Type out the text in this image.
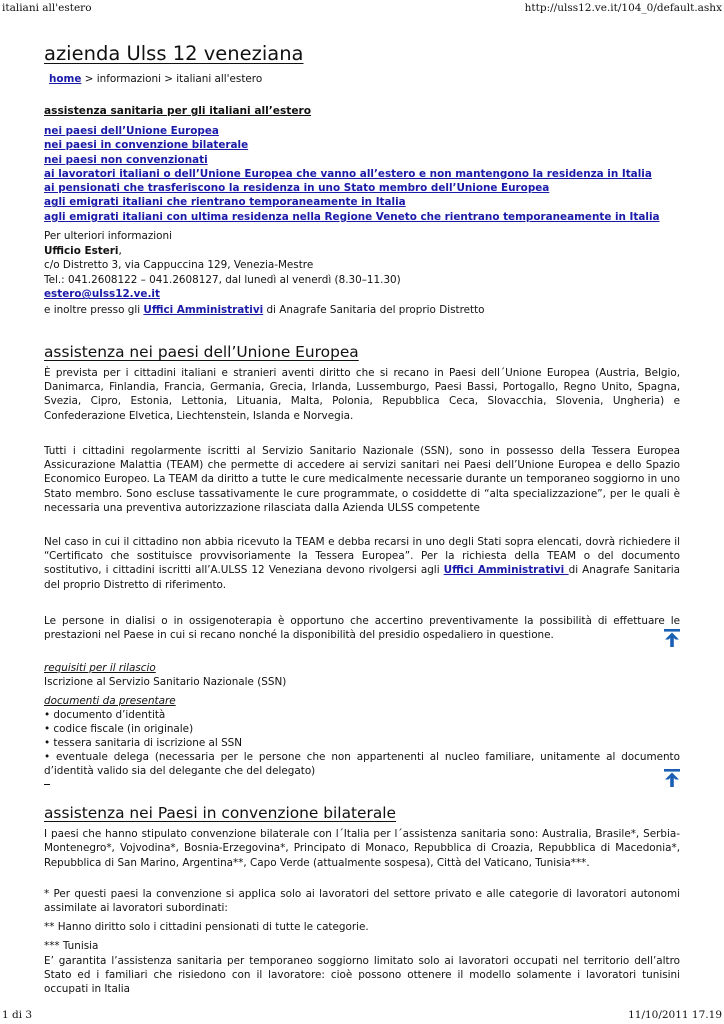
italiani all'estero	http://ulss12.ve.it/104_0/default.ashx
azienda Ulss 12 veneziana
home > informazioni > italiani all'estero
assistenza sanitaria per gli italiani all’estero
nei paesi dell’Unione Europea
nei paesi in convenzione bilaterale
nei paesi non convenzionati
ai lavoratori italiani o dell’Unione Europea che vanno all’estero e non mantengono la residenza in Italia
ai pensionati che trasferiscono la residenza in uno Stato membro dell’Unione Europea
agli emigrati italiani che rientrano temporaneamente in Italia
agli emigrati italiani con ultima residenza nella Regione Veneto che rientrano temporaneamente in Italia

Per ulteriori informazioni

Ufficio Esteri,

c/o Distretto 3, via Cappuccina 129, Venezia-Mestre

Tel.: 041.2608122 – 041.2608127, dal lunedì al venerdì (8.30–11.30)

estero@ulss12.ve.it

e inoltre presso gli Uffici Amministrativi di Anagrafe Sanitaria del proprio Distretto

assistenza nei paesi dell’Unione Europea

È prevista per i cittadini italiani e stranieri aventi diritto che si recano in Paesi dell´Unione Europea (Austria, Belgio, Danimarca, Finlandia, Francia, Germania, Grecia, Irlanda, Lussemburgo, Paesi Bassi, Portogallo, Regno Unito, Spagna, Svezia, Cipro, Estonia, Lettonia, Lituania, Malta, Polonia, Repubblica Ceca, Slovacchia, Slovenia, Ungheria) e Confederazione Elvetica, Liechtenstein, Islanda e Norvegia.

Tutti i cittadini regolarmente iscritti al Servizio Sanitario Nazionale (SSN), sono in possesso della Tessera Europea Assicurazione Malattia (TEAM) che permette di accedere ai servizi sanitari nei Paesi dell’Unione Europea e dello Spazio Economico Europeo. La TEAM da diritto a tutte le cure medicalmente necessarie durante un temporaneo soggiorno in uno Stato membro. Sono escluse tassativamente le cure programmate, o cosiddette di “alta specializzazione”, per le quali è necessaria una preventiva autorizzazione rilasciata dalla Azienda ULSS competente

Nel caso in cui il cittadino non abbia ricevuto la TEAM e debba recarsi in uno degli Stati sopra elencati, dovrà richiedere il “Certificato che sostituisce provvisoriamente la Tessera Europea”. Per la richiesta della TEAM o del documento sostitutivo, i cittadini iscritti all’A.ULSS 12 Veneziana devono rivolgersi agli Uffici Amministrativi di Anagrafe Sanitaria del proprio Distretto di riferimento.

Le persone in dialisi o in ossigenoterapia è opportuno che accertino preventivamente la possibilità di effettuare le prestazioni nel Paese in cui si recano nonché la disponibilità del presidio ospedaliero in questione.

requisiti per il rilascio
Iscrizione al Servizio Sanitario Nazionale (SSN)
documenti da presentare
• documento d’identità
• codice fiscale (in originale)
• tessera sanitaria di iscrizione al SSN
• eventuale delega (necessaria per le persone che non appartenenti al nucleo familiare, unitamente al documento d’identità valido sia del delegante che del delegato)
assistenza nei Paesi in convenzione bilaterale

I paesi che hanno stipulato convenzione bilaterale con l´Italia per l´assistenza sanitaria sono: Australia, Brasile*, Serbia-Montenegro*, Vojvodina*, Bosnia-Erzegovina*, Principato di Monaco, Repubblica di Croazia, Repubblica di Macedonia*, Repubblica di San Marino, Argentina**, Capo Verde (attualmente sospesa), Città del Vaticano, Tunisia***.

* Per questi paesi la convenzione si applica solo ai lavoratori del settore privato e alle categorie di lavoratori autonomi assimilate ai lavoratori subordinati:

** Hanno diritto solo i cittadini pensionati di tutte le categorie.

*** Tunisia

E’ garantita l’assistenza sanitaria per temporaneo soggiorno limitato solo ai lavoratori occupati nel territorio dell’altro Stato ed i familiari che risiedono con il lavoratore: cioè possono ottenere il modello solamente i lavoratori tunisini occupati in Italia

1 di 3	11/10/2011 17.19
